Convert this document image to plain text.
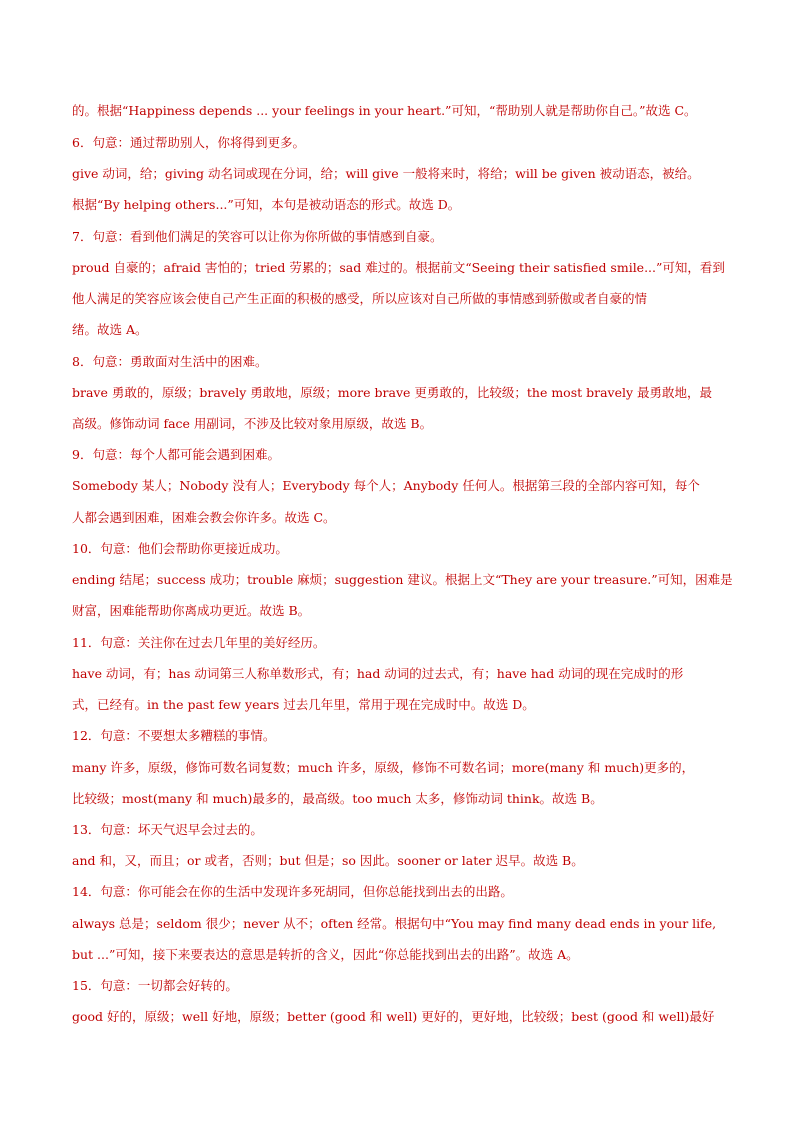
的。根据“Happiness depends ... your feelings in your heart.”可知，“帮助别人就是帮助你自己。”故选 C。
6．句意：通过帮助别人，你将得到更多。
give 动词，给；giving 动名词或现在分词，给；will give 一般将来时，将给；will be given 被动语态，被给。
根据“By helping others...”可知，本句是被动语态的形式。故选 D。
7．句意：看到他们满足的笑容可以让你为你所做的事情感到自豪。
proud 自豪的；afraid 害怕的；tried 劳累的；sad 难过的。根据前文“Seeing their satisfied smile...”可知，看到
他人满足的笑容应该会使自己产生正面的积极的感受，所以应该对自己所做的事情感到骄傲或者自豪的情
绪。故选 A。
8．句意：勇敢面对生活中的困难。
brave 勇敢的，原级；bravely 勇敢地，原级；more brave 更勇敢的，比较级；the most bravely 最勇敢地，最
高级。修饰动词 face 用副词，不涉及比较对象用原级，故选 B。
9．句意：每个人都可能会遇到困难。
Somebody 某人；Nobody 没有人；Everybody 每个人；Anybody 任何人。根据第三段的全部内容可知，每个
人都会遇到困难，困难会教会你许多。故选 C。
10．句意：他们会帮助你更接近成功。
ending 结尾；success 成功；trouble 麻烦；suggestion 建议。根据上文“They are your treasure.”可知，困难是
财富，困难能帮助你离成功更近。故选 B。
11．句意：关注你在过去几年里的美好经历。
have 动词，有；has 动词第三人称单数形式，有；had 动词的过去式，有；have had 动词的现在完成时的形
式，已经有。in the past few years 过去几年里，常用于现在完成时中。故选 D。
12．句意：不要想太多糟糕的事情。
many 许多，原级，修饰可数名词复数；much 许多，原级，修饰不可数名词；more(many 和 much)更多的，
比较级；most(many 和 much)最多的，最高级。too much 太多，修饰动词 think。故选 B。
13．句意：坏天气迟早会过去的。
and 和，又，而且；or 或者，否则；but 但是；so 因此。sooner or later 迟早。故选 B。
14．句意：你可能会在你的生活中发现许多死胡同，但你总能找到出去的出路。
always 总是；seldom 很少；never 从不；often 经常。根据句中“You may find many dead ends in your life,
but ...”可知，接下来要表达的意思是转折的含义，因此“你总能找到出去的出路”。故选 A。
15．句意：一切都会好转的。
good 好的，原级；well 好地，原级；better (good 和 well) 更好的，更好地，比较级；best (good 和 well)最好
